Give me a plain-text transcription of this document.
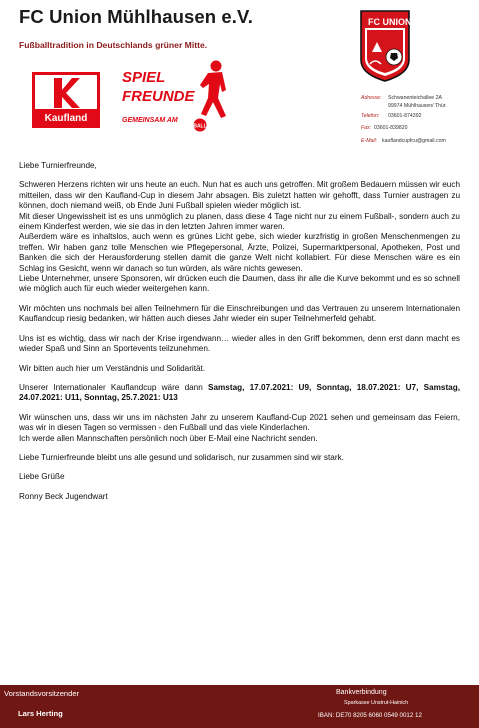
FC Union Mühlhausen e.V.
Fußballtradition in Deutschlands grüner Mitte.
FC UNION
Kaufland
SPIEL
FREUNDE
GEMEINSAM AM
BALL
Adresse: Schwanenteichallee 2A
99974 Mühlhausen/ Thür.
Telefon: 03601-874392
Fax: 03601-839820
E-Mail: kauflandcupfcu@gmail.com

Liebe Turnierfreunde,

Schweren Herzens richten wir uns heute an euch. Nun hat es auch uns getroffen. Mit großem Bedauern müssen wir euch mitteilen, dass wir den Kaufland-Cup in diesem Jahr absagen. Bis zuletzt hatten wir gehofft, dass Turnier austragen zu können, doch niemand weiß, ob Ende Juni Fußball spielen wieder möglich ist.

Mit dieser Ungewissheit ist es uns unmöglich zu planen, dass diese 4 Tage nicht nur zu einem Fußball-, sondern auch zu einem Kinderfest werden, wie sie das in den letzten Jahren immer waren.

Außerdem wäre es inhaltslos, auch wenn es grünes Licht gebe, sich wieder kurzfristig in großen Menschenmengen zu treffen. Wir haben ganz tolle Menschen wie Pflegepersonal, Ärzte, Polizei, Supermarktpersonal, Apotheken, Post und Banken die sich der Herausforderung stellen damit die ganze Welt nicht kollabiert. Für diese Menschen wäre es ein Schlag ins Gesicht, wenn wir danach so tun würden, als wäre nichts gewesen.

Liebe Unternehmer, unsere Sponsoren, wir drücken euch die Daumen, dass ihr alle die Kurve bekommt und es so schnell wie möglich auch für euch wieder weitergehen kann.

Wir möchten uns nochmals bei allen Teilnehmern für die Einschreibungen und das Vertrauen zu unserem Internationalen Kauflandcup riesig bedanken, wir hätten auch dieses Jahr wieder ein super Teilnehmerfeld gehabt.

Uns ist es wichtig, dass wir nach der Krise irgendwann… wieder alles in den Griff bekommen, denn erst dann macht es wieder Spaß und Sinn an Sportevents teilzunehmen.

Wir bitten auch hier um Verständnis und Solidarität.

Unserer Internationaler Kauflandcup wäre dann Samstag, 17.07.2021: U9, Sonntag, 18.07.2021: U7, Samstag, 24.07.2021: U11, Sonntag, 25.7.2021: U13

Wir wünschen uns, dass wir uns im nächsten Jahr zu unserem Kaufland-Cup 2021 sehen und gemeinsam das Feiern, was wir in diesen Tagen so vermissen - den Fußball und das viele Kinderlachen.

Ich werde allen Mannschaften persönlich noch über E-Mail eine Nachricht senden.

Liebe Turnierfreunde bleibt uns alle gesund und solidarisch, nur zusammen sind wir stark.

Liebe Grüße

Ronny Beck Jugendwart

Vorstandsvorsitzender
Lars Herting
Bankverbindung
Sparkasse Unstrut-Hainich
IBAN: DE70 8205 6060 0549 0012 12
